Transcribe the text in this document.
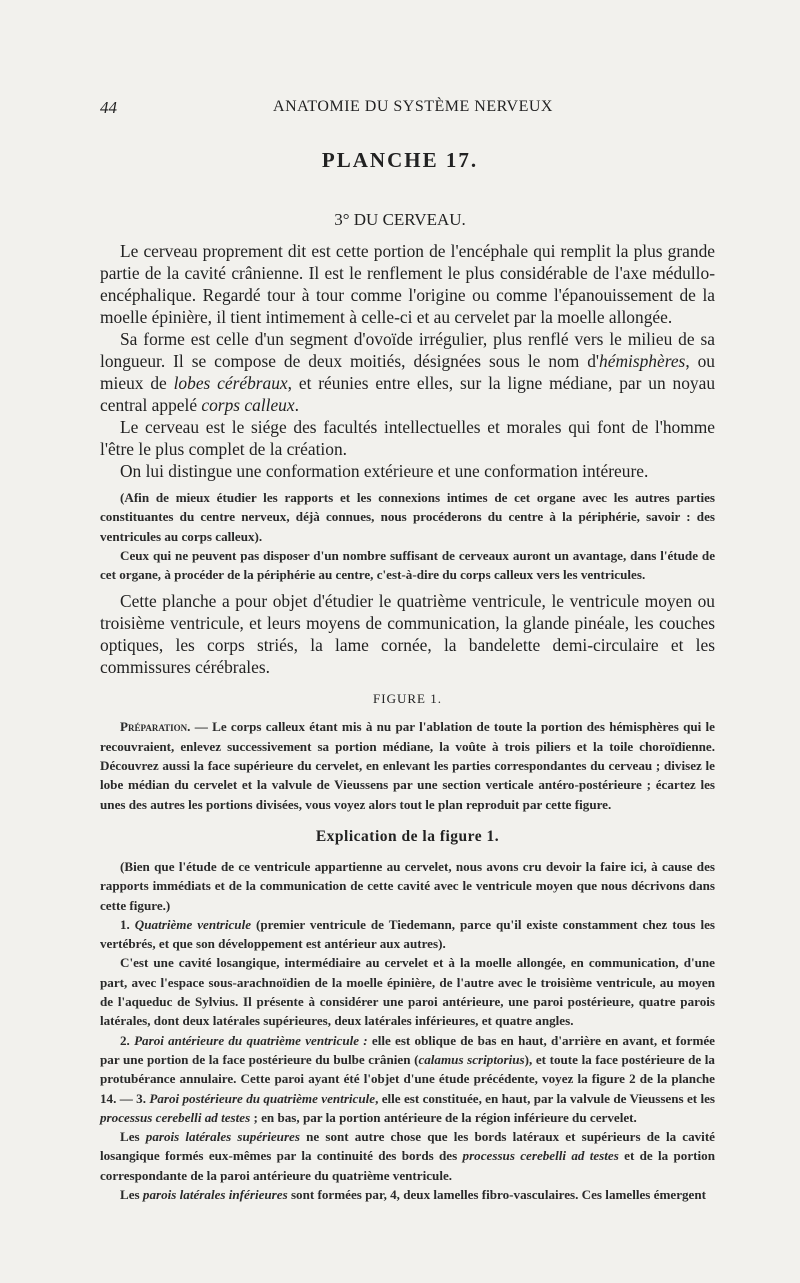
44	ANATOMIE DU SYSTÈME NERVEUX
PLANCHE 17.
3° DU CERVEAU.

Le cerveau proprement dit est cette portion de l'encéphale qui remplit la plus grande partie de la cavité crânienne. Il est le renflement le plus considérable de l'axe médullo-encéphalique. Regardé tour à tour comme l'origine ou comme l'épanouissement de la moelle épinière, il tient intimement à celle-ci et au cervelet par la moelle allongée.

Sa forme est celle d'un segment d'ovoïde irrégulier, plus renflé vers le milieu de sa longueur. Il se compose de deux moitiés, désignées sous le nom d'hémisphères, ou mieux de lobes cérébraux, et réunies entre elles, sur la ligne médiane, par un noyau central appelé corps calleux.

Le cerveau est le siége des facultés intellectuelles et morales qui font de l'homme l'être le plus complet de la création.

On lui distingue une conformation extérieure et une conformation intéreure.

(Afin de mieux étudier les rapports et les connexions intimes de cet organe avec les autres parties constituantes du centre nerveux, déjà connues, nous procéderons du centre à la périphérie, savoir : des ventricules au corps calleux).

Ceux qui ne peuvent pas disposer d'un nombre suffisant de cerveaux auront un avantage, dans l'étude de cet organe, à procéder de la périphérie au centre, c'est-à-dire du corps calleux vers les ventricules.

Cette planche a pour objet d'étudier le quatrième ventricule, le ventricule moyen ou troisième ventricule, et leurs moyens de communication, la glande pinéale, les couches optiques, les corps striés, la lame cornée, la bandelette demi-circulaire et les commissures cérébrales.

FIGURE 1.

Préparation. — Le corps calleux étant mis à nu par l'ablation de toute la portion des hémisphères qui le recouvraient, enlevez successivement sa portion médiane, la voûte à trois piliers et la toile choroïdienne. Découvrez aussi la face supérieure du cervelet, en enlevant les parties correspondantes du cerveau ; divisez le lobe médian du cervelet et la valvule de Vieussens par une section verticale antéro-postérieure ; écartez les unes des autres les portions divisées, vous voyez alors tout le plan reproduit par cette figure.

Explication de la figure 1.

(Bien que l'étude de ce ventricule appartienne au cervelet, nous avons cru devoir la faire ici, à cause des rapports immédiats et de la communication de cette cavité avec le ventricule moyen que nous décrivons dans cette figure.)

1. Quatrième ventricule (premier ventricule de Tiedemann, parce qu'il existe constamment chez tous les vertébrés, et que son développement est antérieur aux autres).

C'est une cavité losangique, intermédiaire au cervelet et à la moelle allongée, en communication, d'une part, avec l'espace sous-arachnoïdien de la moelle épinière, de l'autre avec le troisième ventricule, au moyen de l'aqueduc de Sylvius. Il présente à considérer une paroi antérieure, une paroi postérieure, quatre parois latérales, dont deux latérales supérieures, deux latérales inférieures, et quatre angles.

2. Paroi antérieure du quatrième ventricule : elle est oblique de bas en haut, d'arrière en avant, et formée par une portion de la face postérieure du bulbe crânien (calamus scriptorius), et toute la face postérieure de la protubérance annulaire. Cette paroi ayant été l'objet d'une étude précédente, voyez la figure 2 de la planche 14. — 3. Paroi postérieure du quatrième ventricule, elle est constituée, en haut, par la valvule de Vieussens et les processus cerebelli ad testes ; en bas, par la portion antérieure de la région inférieure du cervelet.

Les parois latérales supérieures ne sont autre chose que les bords latéraux et supérieurs de la cavité losangique formés eux-mêmes par la continuité des bords des processus cerebelli ad testes et de la portion correspondante de la paroi antérieure du quatrième ventricule.

Les parois latérales inférieures sont formées par, 4, deux lamelles fibro-vasculaires. Ces lamelles émergent
